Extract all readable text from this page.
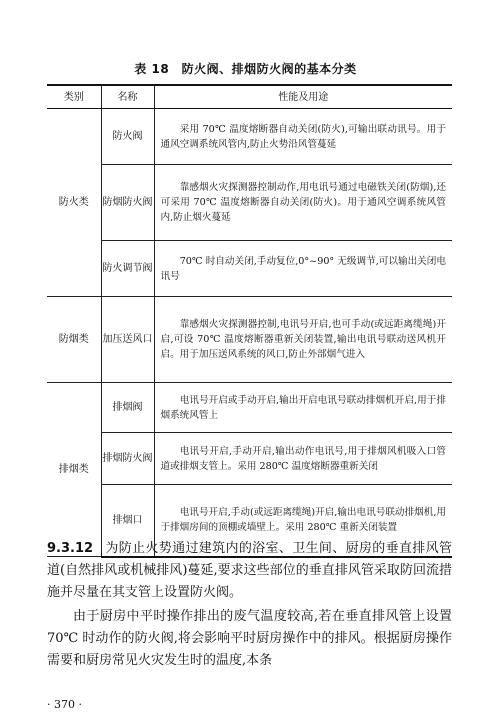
表 18　防火阀、排烟防火阀的基本分类
类别	名称	性能及用途
防火类	防火阀	采用 70℃ 温度熔断器自动关闭(防火),可输出联动讯号。用于通风空调系统风管内,防止火势沿风管蔓延
	防烟防火阀	靠感烟火灾探测器控制动作,用电讯号通过电磁铁关闭(防烟),还可采用 70℃ 温度熔断器自动关闭(防火)。用于通风空调系统风管内,防止烟火蔓延
	防火调节阀	70℃ 时自动关闭,手动复位,0°~90° 无级调节,可以输出关闭电讯号
防烟类	加压送风口	靠感烟火灾探测器控制,电讯号开启,也可手动(或远距离缆绳)开启,可设 70℃ 温度熔断器重新关闭装置,输出电讯号联动送风机开启。用于加压送风系统的风口,防止外部烟气进入
排烟类	排烟阀	电讯号开启或手动开启,输出开启电讯号联动排烟机开启,用于排烟系统风管上
	排烟防火阀	电讯号开启,手动开启,输出动作电讯号,用于排烟风机吸入口管道或排烟支管上。采用 280℃ 温度熔断器重新关闭
	排烟口	电讯号开启,手动(或远距离缆绳)开启,输出电讯号联动排烟机,用于排烟房间的顶棚或墙壁上。采用 280℃ 重新关闭装置
9.3.12 为防止火势通过建筑内的浴室、卫生间、厨房的垂直排风管道(自然排风或机械排风)蔓延,要求这些部位的垂直排风管采取防回流措施并尽量在其支管上设置防火阀。
由于厨房中平时操作排出的废气温度较高,若在垂直排风管上设置 70℃ 时动作的防火阀,将会影响平时厨房操作中的排风。根据厨房操作需要和厨房常见火灾发生时的温度,本条
· 370 ·
